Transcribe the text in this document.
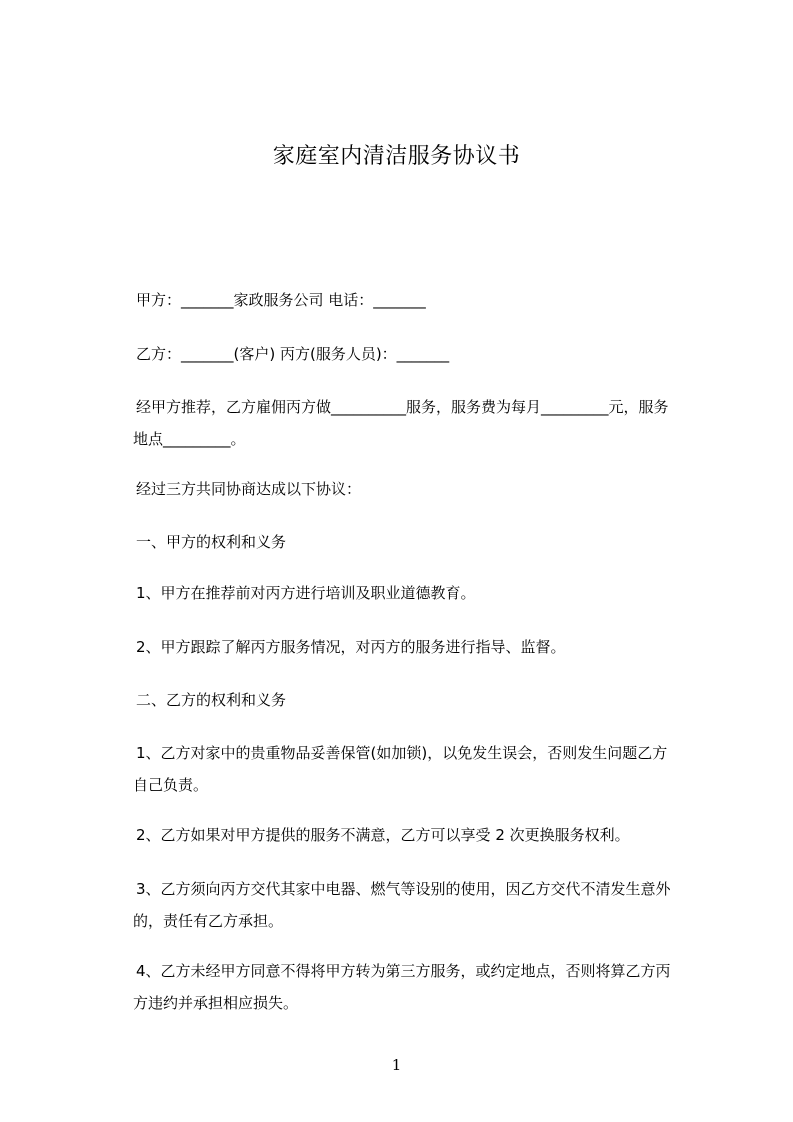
家庭室内清洁服务协议书
甲方：_______家政服务公司 电话：_______
乙方：_______(客户) 丙方(服务人员)：_______
经甲方推荐，乙方雇佣丙方做__________服务，服务费为每月_________元，服务
地点_________。
经过三方共同协商达成以下协议：
一、甲方的权利和义务
1、甲方在推荐前对丙方进行培训及职业道德教育。
2、甲方跟踪了解丙方服务情况，对丙方的服务进行指导、监督。
二、乙方的权利和义务
1、乙方对家中的贵重物品妥善保管(如加锁)，以免发生误会，否则发生问题乙方
自己负责。
2、乙方如果对甲方提供的服务不满意，乙方可以享受 2 次更换服务权利。
3、乙方须向丙方交代其家中电器、燃气等设别的使用，因乙方交代不清发生意外
的，责任有乙方承担。
4、乙方未经甲方同意不得将甲方转为第三方服务，或约定地点，否则将算乙方丙
方违约并承担相应损失。
1
